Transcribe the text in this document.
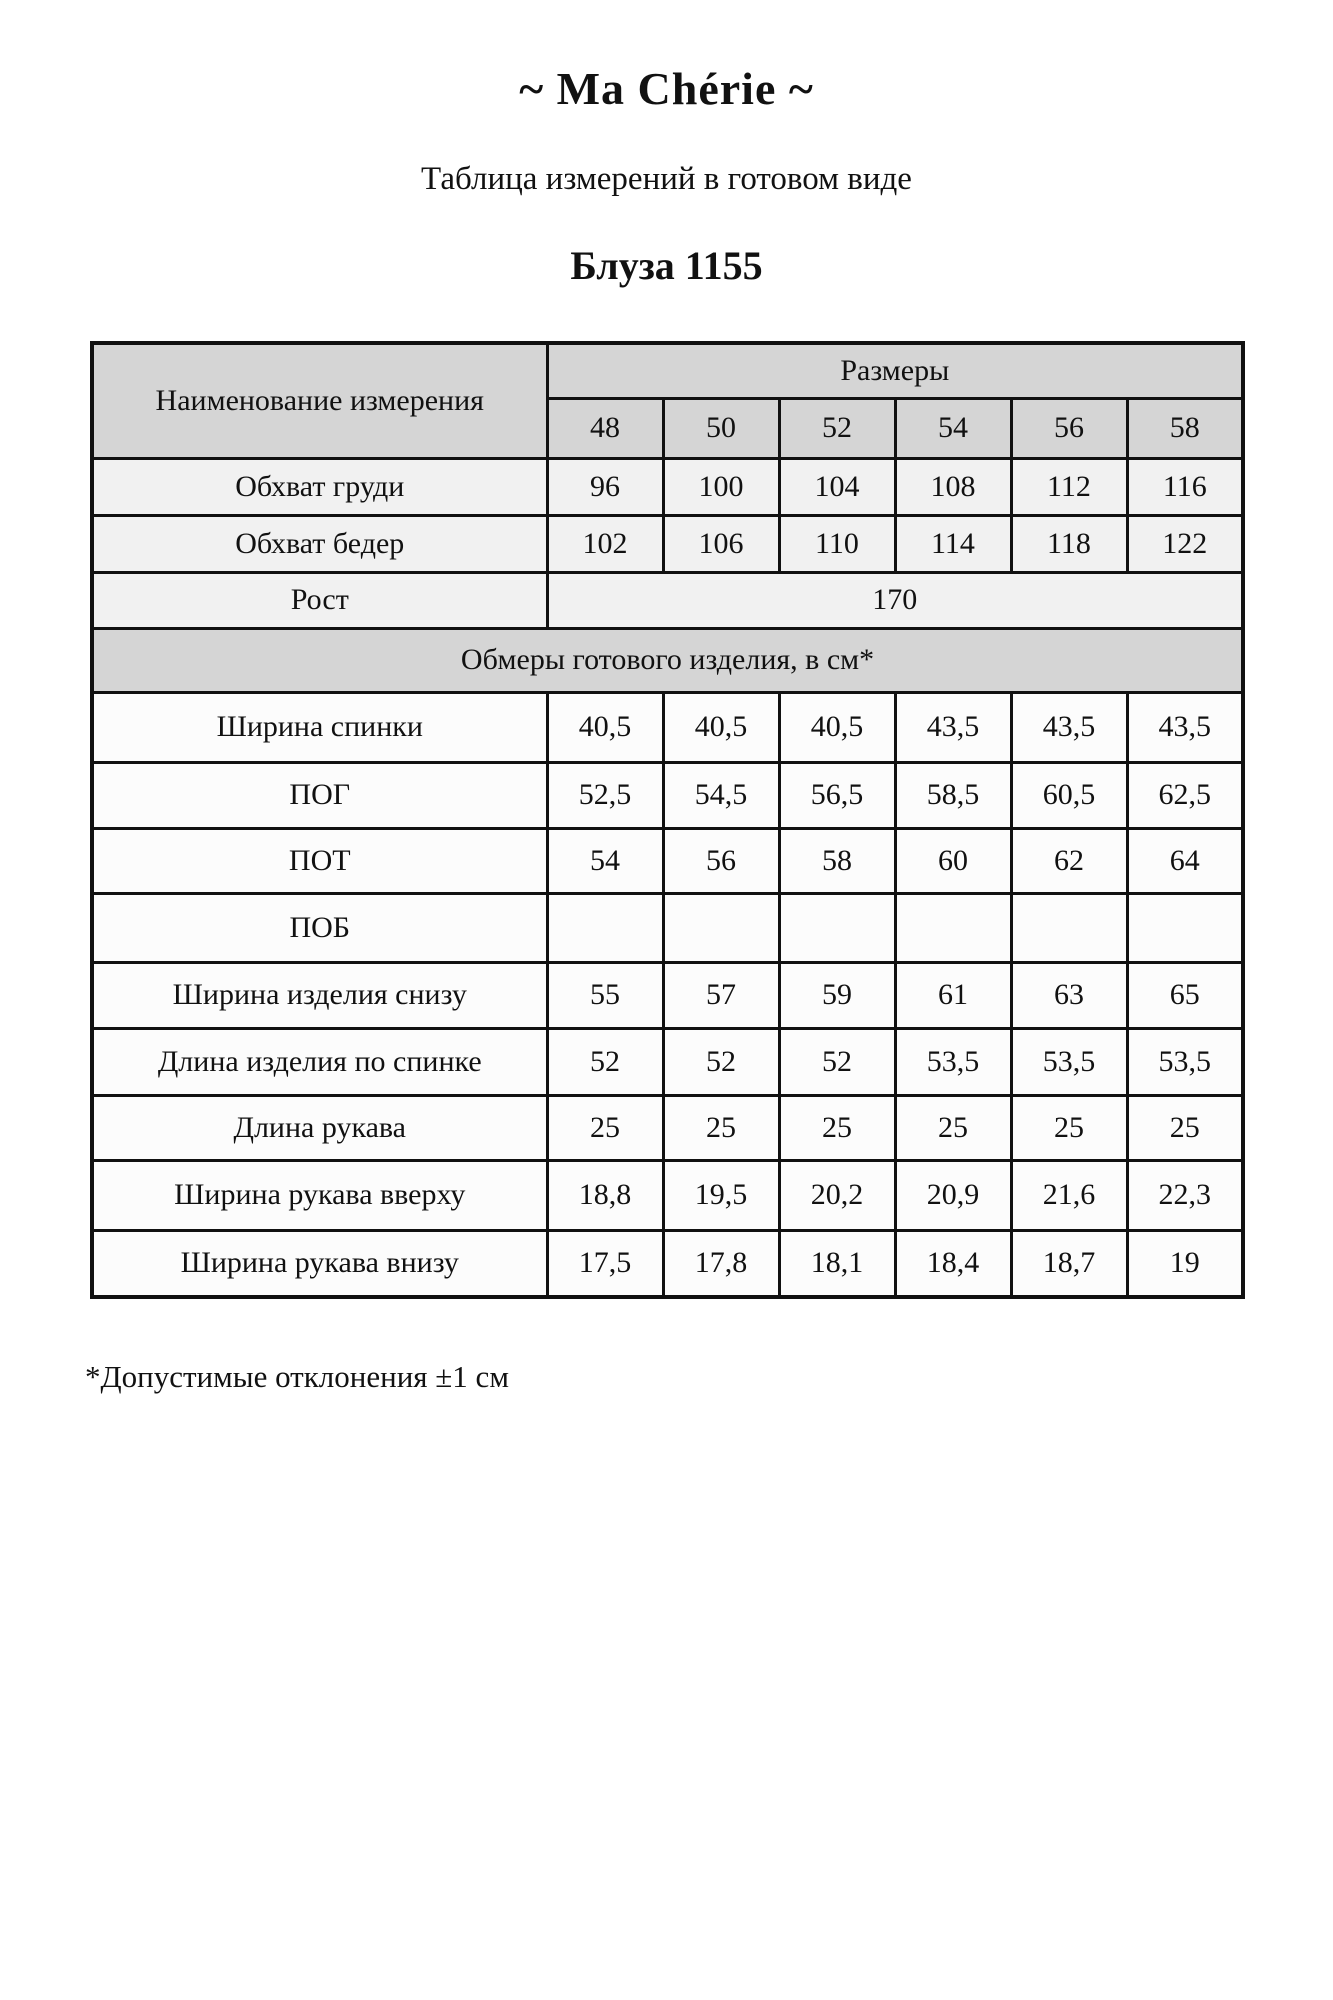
~ Ma Chérie ~
Таблица измерений в готовом виде
Блуза 1155
Наименование измерения	Размеры					
	48	50	52	54	56	58
Обхват груди	96	100	104	108	112	116
Обхват бедер	102	106	110	114	118	122
Рост	170					
Обмеры готового изделия, в см*						
Ширина спинки	40,5	40,5	40,5	43,5	43,5	43,5
ПОГ	52,5	54,5	56,5	58,5	60,5	62,5
ПОТ	54	56	58	60	62	64
ПОБ						
Ширина изделия снизу	55	57	59	61	63	65
Длина изделия по спинке	52	52	52	53,5	53,5	53,5
Длина рукава	25	25	25	25	25	25
Ширина рукава вверху	18,8	19,5	20,2	20,9	21,6	22,3
Ширина рукава внизу	17,5	17,8	18,1	18,4	18,7	19
*Допустимые отклонения ±1 см
